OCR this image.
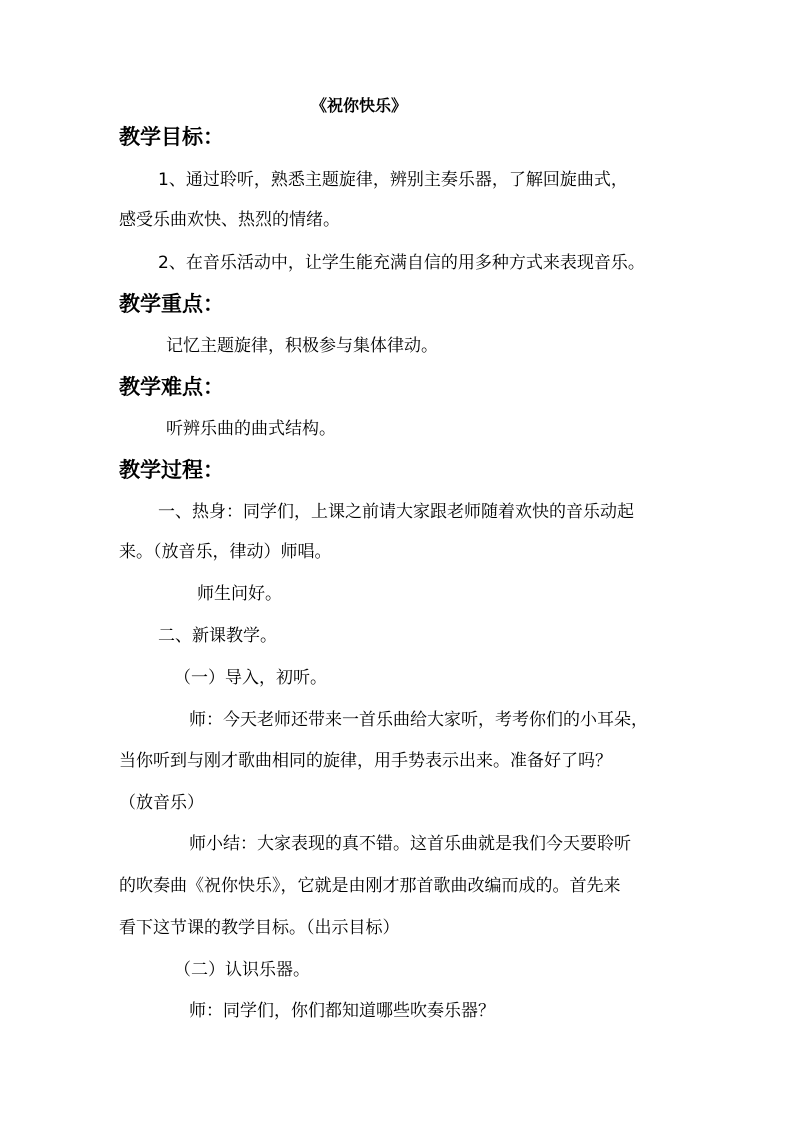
《祝你快乐》
教学目标：
1、通过聆听，熟悉主题旋律，辨别主奏乐器，了解回旋曲式，
感受乐曲欢快、热烈的情绪。
2、在音乐活动中，让学生能充满自信的用多种方式来表现音乐。
教学重点：
记忆主题旋律，积极参与集体律动。
教学难点：
听辨乐曲的曲式结构。
教学过程：
一、热身：同学们，上课之前请大家跟老师随着欢快的音乐动起
来。（放音乐，律动）师唱。
师生问好。
二、新课教学。
（一）导入，初听。
师：今天老师还带来一首乐曲给大家听，考考你们的小耳朵，
当你听到与刚才歌曲相同的旋律，用手势表示出来。准备好了吗？
（放音乐）
师小结：大家表现的真不错。这首乐曲就是我们今天要聆听
的吹奏曲《祝你快乐》，它就是由刚才那首歌曲改编而成的。首先来
看下这节课的教学目标。（出示目标）
（二）认识乐器。
师：同学们，你们都知道哪些吹奏乐器？
